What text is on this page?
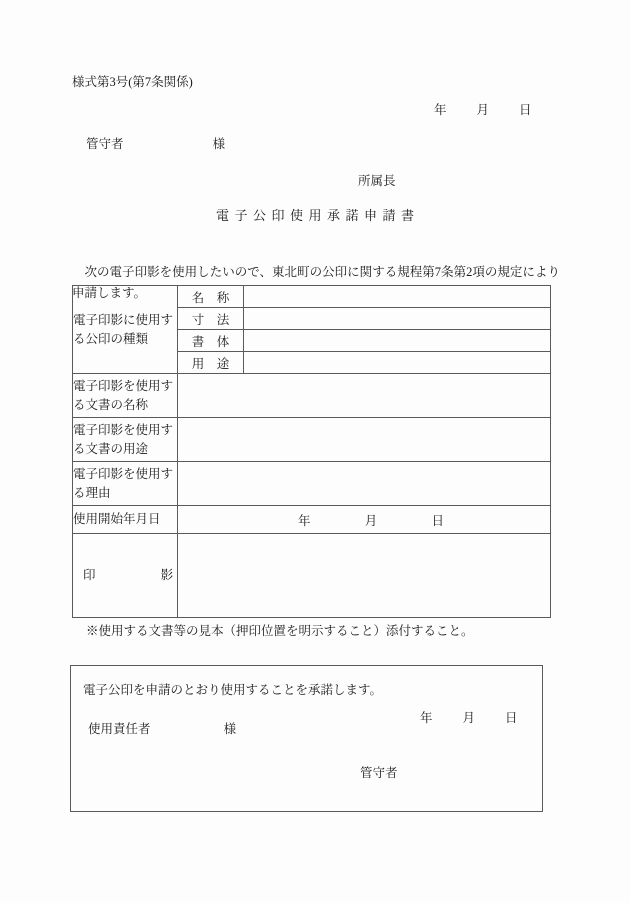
様式第3号(第7条関係)
年 月 日
管守者	様
所属長
電子公印使用承諾申請書
次の電子印影を使用したいので、東北町の公印に関する規程第7条第2項の規定により申請します。
電子印影に使用する公印の種類	名　称	
	寸　法	
	書　体	
	用　途	
電子印影を使用する文書の名称		
電子印影を使用する文書の用途		
電子印影を使用する理由		
使用開始年月日	年 月 日	

印 影		

※使用する文書等の見本（押印位置を明示すること）添付すること。
電子公印を申請のとおり使用することを承諾します。
年 月 日
使用責任者	様
管守者
